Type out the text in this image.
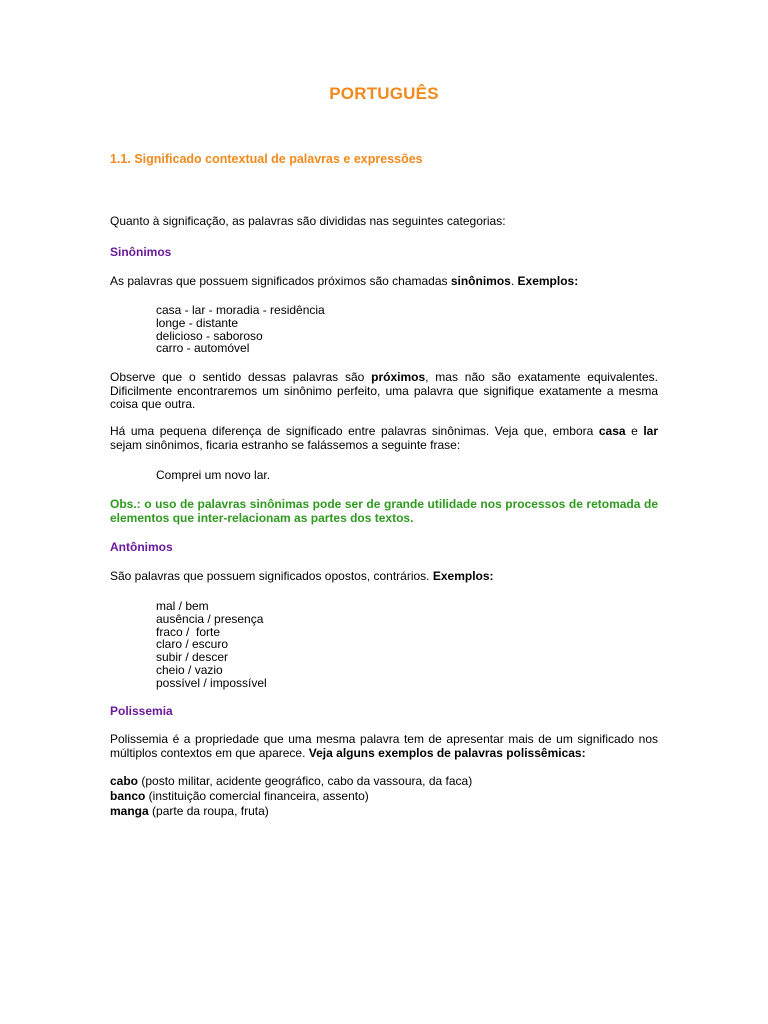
PORTUGUÊS
1.1. Significado contextual de palavras e expressões

Quanto à significação, as palavras são divididas nas seguintes categorias:

Sinônimos

As palavras que possuem significados próximos são chamadas sinônimos. Exemplos:

casa - lar - moradia - residência
longe - distante
delicioso - saboroso
carro - automóvel

Observe que o sentido dessas palavras são próximos, mas não são exatamente equivalentes. Dificilmente encontraremos um sinônimo perfeito, uma palavra que signifique exatamente a mesma coisa que outra.

Há uma pequena diferença de significado entre palavras sinônimas. Veja que, embora casa e lar sejam sinônimos, ficaria estranho se falássemos a seguinte frase:

Comprei um novo lar.

Obs.: o uso de palavras sinônimas pode ser de grande utilidade nos processos de retomada de elementos que inter-relacionam as partes dos textos.

Antônimos

São palavras que possuem significados opostos, contrários. Exemplos:

mal / bem
ausência / presença
fraco /  forte
claro / escuro
subir / descer
cheio / vazio
possível / impossível
Polissemia

Polissemia é a propriedade que uma mesma palavra tem de apresentar mais de um significado nos múltiplos contextos em que aparece. Veja alguns exemplos de palavras polissêmicas:

cabo (posto militar, acidente geográfico, cabo da vassoura, da faca)
banco (instituição comercial financeira, assento)
manga (parte da roupa, fruta)
